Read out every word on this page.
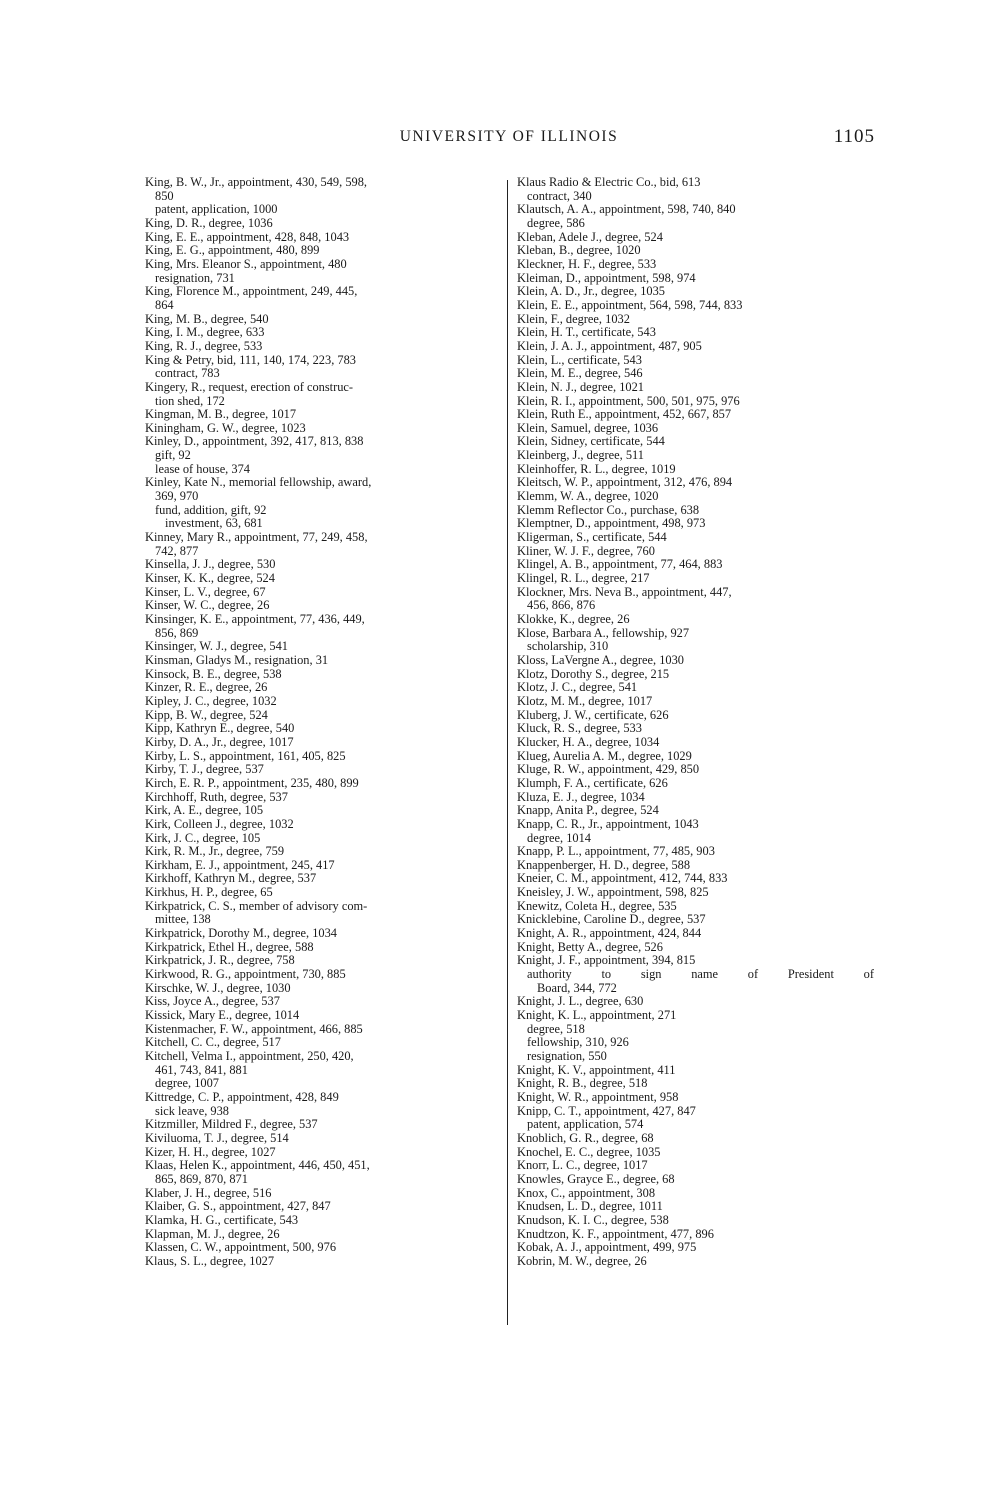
UNIVERSITY OF ILLINOIS	1105
King, B. W., Jr., appointment, 430, 549, 598,
850
patent, application, 1000
King, D. R., degree, 1036
King, E. E., appointment, 428, 848, 1043
King, E. G., appointment, 480, 899
King, Mrs. Eleanor S., appointment, 480
resignation, 731
King, Florence M., appointment, 249, 445,
864
King, M. B., degree, 540
King, I. M., degree, 633
King, R. J., degree, 533
King & Petry, bid, 111, 140, 174, 223, 783
contract, 783
Kingery, R., request, erection of construc-
tion shed, 172
Kingman, M. B., degree, 1017
Kiningham, G. W., degree, 1023
Kinley, D., appointment, 392, 417, 813, 838
gift, 92
lease of house, 374
Kinley, Kate N., memorial fellowship, award,
369, 970
fund, addition, gift, 92
investment, 63, 681
Kinney, Mary R., appointment, 77, 249, 458,
742, 877
Kinsella, J. J., degree, 530
Kinser, K. K., degree, 524
Kinser, L. V., degree, 67
Kinser, W. C., degree, 26
Kinsinger, K. E., appointment, 77, 436, 449,
856, 869
Kinsinger, W. J., degree, 541
Kinsman, Gladys M., resignation, 31
Kinsock, B. E., degree, 538
Kinzer, R. E., degree, 26
Kipley, J. C., degree, 1032
Kipp, B. W., degree, 524
Kipp, Kathryn E., degree, 540
Kirby, D. A., Jr., degree, 1017
Kirby, L. S., appointment, 161, 405, 825
Kirby, T. J., degree, 537
Kirch, E. R. P., appointment, 235, 480, 899
Kirchhoff, Ruth, degree, 537
Kirk, A. E., degree, 105
Kirk, Colleen J., degree, 1032
Kirk, J. C., degree, 105
Kirk, R. M., Jr., degree, 759
Kirkham, E. J., appointment, 245, 417
Kirkhoff, Kathryn M., degree, 537
Kirkhus, H. P., degree, 65
Kirkpatrick, C. S., member of advisory com-
mittee, 138
Kirkpatrick, Dorothy M., degree, 1034
Kirkpatrick, Ethel H., degree, 588
Kirkpatrick, J. R., degree, 758
Kirkwood, R. G., appointment, 730, 885
Kirschke, W. J., degree, 1030
Kiss, Joyce A., degree, 537
Kissick, Mary E., degree, 1014
Kistenmacher, F. W., appointment, 466, 885
Kitchell, C. C., degree, 517
Kitchell, Velma I., appointment, 250, 420,
461, 743, 841, 881
degree, 1007
Kittredge, C. P., appointment, 428, 849
sick leave, 938
Kitzmiller, Mildred F., degree, 537
Kiviluoma, T. J., degree, 514
Kizer, H. H., degree, 1027
Klaas, Helen K., appointment, 446, 450, 451,
865, 869, 870, 871
Klaber, J. H., degree, 516
Klaiber, G. S., appointment, 427, 847
Klamka, H. G., certificate, 543
Klapman, M. J., degree, 26
Klassen, C. W., appointment, 500, 976
Klaus, S. L., degree, 1027
Klaus Radio & Electric Co., bid, 613
contract, 340
Klautsch, A. A., appointment, 598, 740, 840
degree, 586
Kleban, Adele J., degree, 524
Kleban, B., degree, 1020
Kleckner, H. F., degree, 533
Kleiman, D., appointment, 598, 974
Klein, A. D., Jr., degree, 1035
Klein, E. E., appointment, 564, 598, 744, 833
Klein, F., degree, 1032
Klein, H. T., certificate, 543
Klein, J. A. J., appointment, 487, 905
Klein, L., certificate, 543
Klein, M. E., degree, 546
Klein, N. J., degree, 1021
Klein, R. I., appointment, 500, 501, 975, 976
Klein, Ruth E., appointment, 452, 667, 857
Klein, Samuel, degree, 1036
Klein, Sidney, certificate, 544
Kleinberg, J., degree, 511
Kleinhoffer, R. L., degree, 1019
Kleitsch, W. P., appointment, 312, 476, 894
Klemm, W. A., degree, 1020
Klemm Reflector Co., purchase, 638
Klemptner, D., appointment, 498, 973
Kligerman, S., certificate, 544
Kliner, W. J. F., degree, 760
Klingel, A. B., appointment, 77, 464, 883
Klingel, R. L., degree, 217
Klockner, Mrs. Neva B., appointment, 447,
456, 866, 876
Klokke, K., degree, 26
Klose, Barbara A., fellowship, 927
scholarship, 310
Kloss, LaVergne A., degree, 1030
Klotz, Dorothy S., degree, 215
Klotz, J. C., degree, 541
Klotz, M. M., degree, 1017
Kluberg, J. W., certificate, 626
Kluck, R. S., degree, 533
Klucker, H. A., degree, 1034
Klueg, Aurelia A. M., degree, 1029
Kluge, R. W., appointment, 429, 850
Klumph, F. A., certificate, 626
Kluza, E. J., degree, 1034
Knapp, Anita P., degree, 524
Knapp, C. R., Jr., appointment, 1043
degree, 1014
Knapp, P. L., appointment, 77, 485, 903
Knappenberger, H. D., degree, 588
Kneier, C. M., appointment, 412, 744, 833
Kneisley, J. W., appointment, 598, 825
Knewitz, Coleta H., degree, 535
Knicklebine, Caroline D., degree, 537
Knight, A. R., appointment, 424, 844
Knight, Betty A., degree, 526
Knight, J. F., appointment, 394, 815
authority to sign name of President of
Board, 344, 772
Knight, J. L., degree, 630
Knight, K. L., appointment, 271
degree, 518
fellowship, 310, 926
resignation, 550
Knight, K. V., appointment, 411
Knight, R. B., degree, 518
Knight, W. R., appointment, 958
Knipp, C. T., appointment, 427, 847
patent, application, 574
Knoblich, G. R., degree, 68
Knochel, E. C., degree, 1035
Knorr, L. C., degree, 1017
Knowles, Grayce E., degree, 68
Knox, C., appointment, 308
Knudsen, L. D., degree, 1011
Knudson, K. I. C., degree, 538
Knudtzon, K. F., appointment, 477, 896
Kobak, A. J., appointment, 499, 975
Kobrin, M. W., degree, 26
